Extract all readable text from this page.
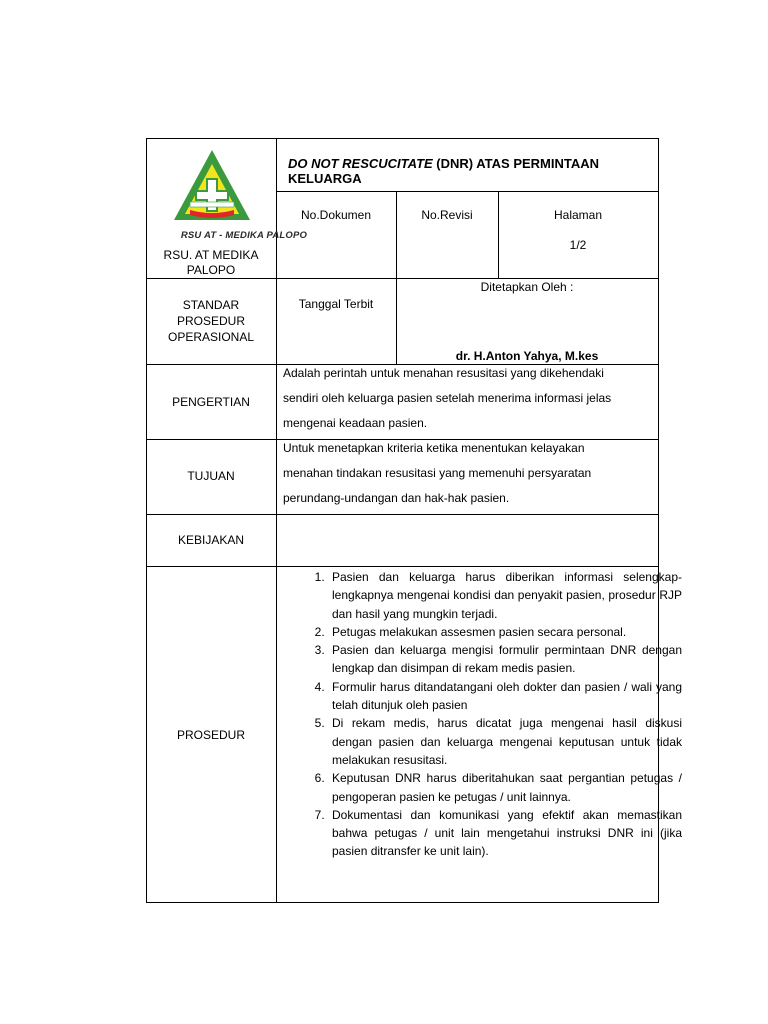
RSU AT - MEDIKA PALOPO
RSU. AT MEDIKA
PALOPO
DO NOT RESCUCITATE (DNR) ATAS PERMINTAAN KELUARGA
No.Dokumen	No.Revisi	Halaman
1/2
STANDAR
PROSEDUR
OPERASIONAL
Tanggal Terbit
Ditetapkan Oleh :
dr. H.Anton Yahya, M.kes
PENGERTIAN
Adalah perintah untuk menahan resusitasi yang dikehendaki
sendiri oleh keluarga pasien setelah menerima informasi jelas
mengenai keadaan pasien.
TUJUAN
Untuk menetapkan kriteria ketika menentukan kelayakan
menahan tindakan resusitasi yang memenuhi persyaratan
perundang-undangan dan hak-hak pasien.
KEBIJAKAN
PROSEDUR
1. Pasien dan keluarga harus diberikan informasi selengkap-lengkapnya mengenai kondisi dan penyakit pasien, prosedur RJP dan hasil yang mungkin terjadi.
2. Petugas melakukan assesmen pasien secara personal.
3. Pasien dan keluarga mengisi formulir permintaan DNR dengan lengkap dan disimpan di rekam medis pasien.
4. Formulir harus ditandatangani oleh dokter dan pasien / wali yang telah ditunjuk oleh pasien
5. Di rekam medis, harus dicatat juga mengenai hasil diskusi dengan pasien dan keluarga mengenai keputusan untuk tidak melakukan resusitasi.
6. Keputusan DNR harus diberitahukan saat pergantian petugas / pengoperan pasien ke petugas / unit lainnya.
7. Dokumentasi dan komunikasi yang efektif akan memastikan bahwa petugas / unit lain mengetahui instruksi DNR ini (jika pasien ditransfer ke unit lain).
